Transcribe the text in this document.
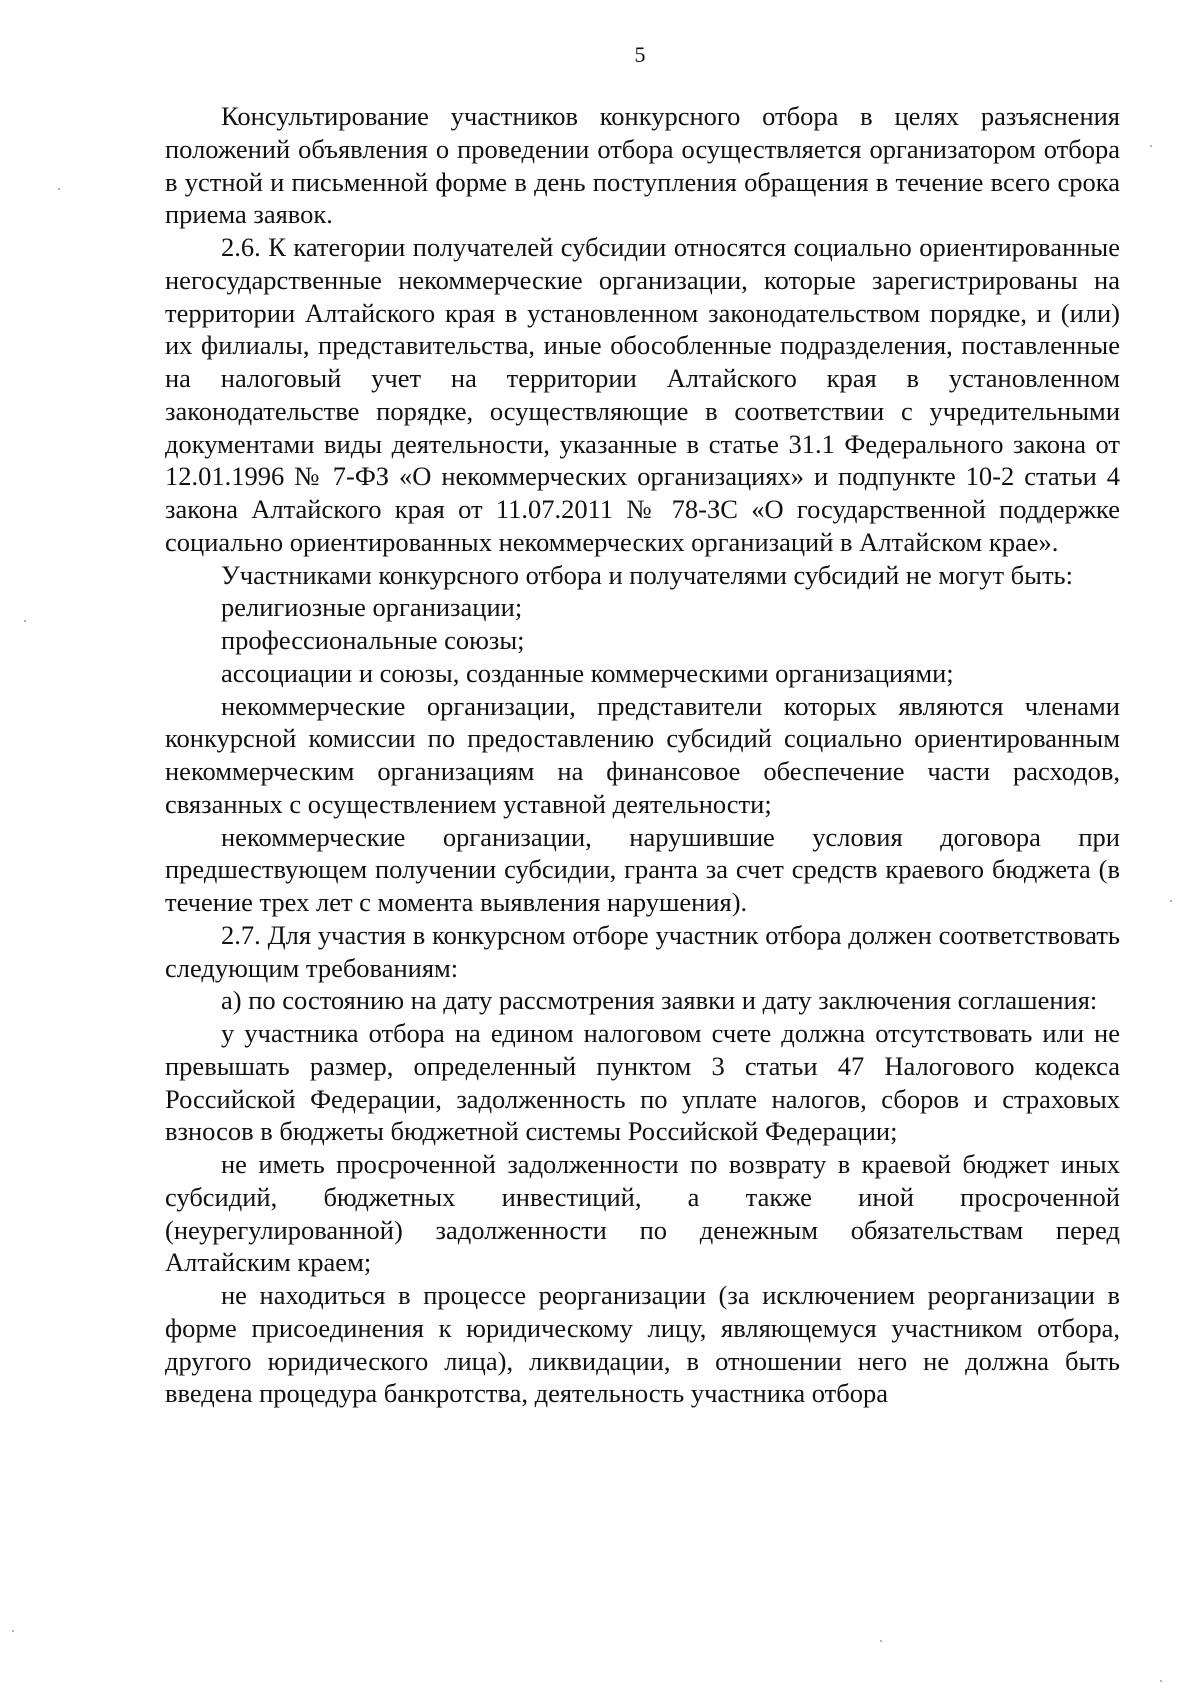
5

Консультирование участников конкурсного отбора в целях разъяснения положений объявления о проведении отбора осуществляется организатором отбора в устной и письменной форме в день поступления обращения в течение всего срока приема заявок.

2.6. К категории получателей субсидии относятся социально ориентированные негосударственные некоммерческие организации, которые зарегистрированы на территории Алтайского края в установленном законодательством порядке, и (или) их филиалы, представительства, иные обособленные подразделения, поставленные на налоговый учет на территории Алтайского края в установленном законодательстве порядке, осуществляющие в соответствии с учредительными документами виды деятельности, указанные в статье 31.1 Федерального закона от 12.01.1996 № 7-ФЗ «О некоммерческих организациях» и подпункте 10-2 статьи 4 закона Алтайского края от 11.07.2011 № 78-ЗС «О государственной поддержке социально ориентированных некоммерческих организаций в Алтайском крае».

Участниками конкурсного отбора и получателями субсидий не могут быть:

религиозные организации;

профессиональные союзы;

ассоциации и союзы, созданные коммерческими организациями;

некоммерческие организации, представители которых являются членами конкурсной комиссии по предоставлению субсидий социально ориентированным некоммерческим организациям на финансовое обеспечение части расходов, связанных с осуществлением уставной деятельности;

некоммерческие организации, нарушившие условия договора при предшествующем получении субсидии, гранта за счет средств краевого бюджета (в течение трех лет с момента выявления нарушения).

2.7. Для участия в конкурсном отборе участник отбора должен соответствовать следующим требованиям:

а) по состоянию на дату рассмотрения заявки и дату заключения соглашения:

у участника отбора на едином налоговом счете должна отсутствовать или не превышать размер, определенный пунктом 3 статьи 47 Налогового кодекса Российской Федерации, задолженность по уплате налогов, сборов и страховых взносов в бюджеты бюджетной системы Российской Федерации;

не иметь просроченной задолженности по возврату в краевой бюджет иных субсидий, бюджетных инвестиций, а также иной просроченной (неурегулированной) задолженности по денежным обязательствам перед Алтайским краем;

не находиться в процессе реорганизации (за исключением реорганизации в форме присоединения к юридическому лицу, являющемуся участником отбора, другого юридического лица), ликвидации, в отношении него не должна быть введена процедура банкротства, деятельность участника отбора
